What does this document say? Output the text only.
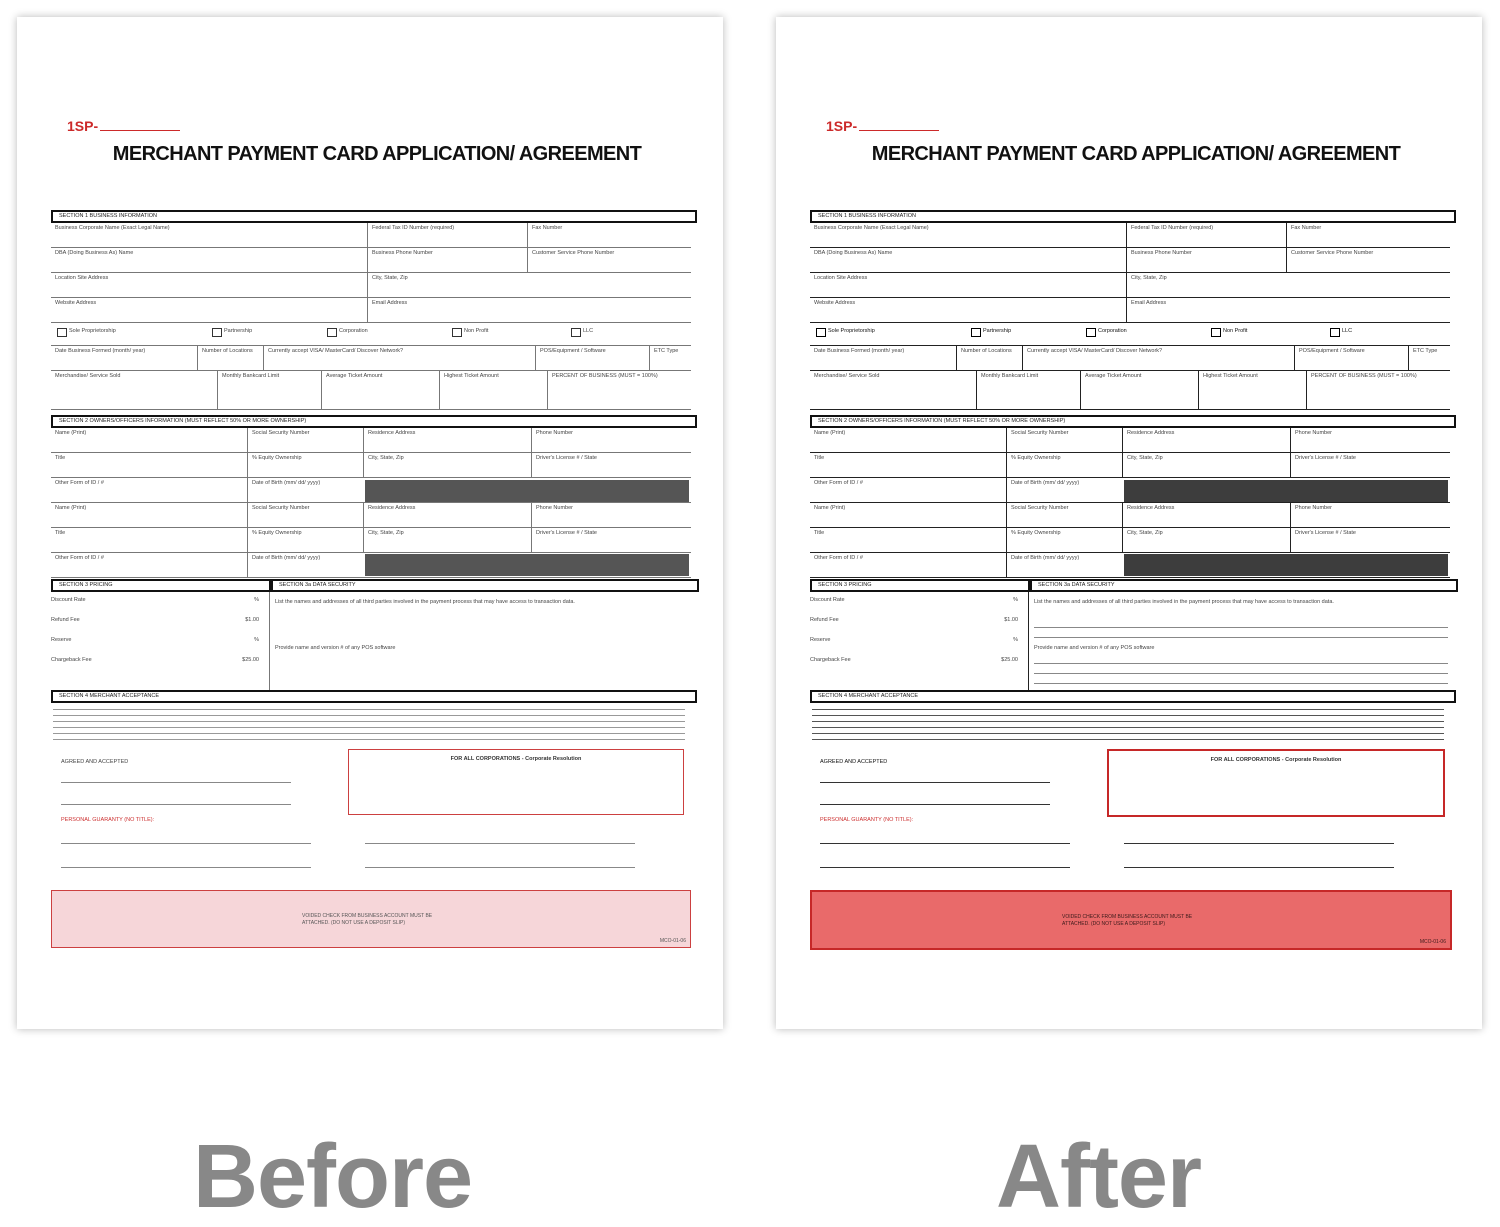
1SP-
MERCHANT PAYMENT CARD APPLICATION/ AGREEMENT
SECTION 1 BUSINESS INFORMATION
Business Corporate Name (Exact Legal Name)	Federal Tax ID Number (required)	Fax Number
DBA (Doing Business As) Name	Business Phone Number	Customer Service Phone Number
Location Site Address	City, State, Zip
Website Address	Email Address
Sole Proprietorship	Partnership	Corporation	Non Profit	LLC
Date Business Formed (month/ year)	Number of Locations	Currently accept VISA/ MasterCard/ Discover Network?	POS/Equipment / Software	ETC Type
Merchandise/ Service Sold	Monthly Bankcard Limit	Average Ticket Amount	Highest Ticket Amount	PERCENT OF BUSINESS (MUST = 100%)
SECTION 2 OWNERS/OFFICERS INFORMATION (MUST REFLECT 50% OR MORE OWNERSHIP)
Name (Print)	Social Security Number	Residence Address	Phone Number
Title	% Equity Ownership	City, State, Zip	Driver's License # / State
Other Form of ID / #	Date of Birth (mm/ dd/ yyyy)
Name (Print)	Social Security Number	Residence Address	Phone Number
Title	% Equity Ownership	City, State, Zip	Driver's License # / State
Other Form of ID / #	Date of Birth (mm/ dd/ yyyy)
SECTION 3 PRICING	SECTION 3a DATA SECURITY
Discount Rate	%
Refund Fee	$1.00
Reserve	%
Chargeback Fee	$25.00
List the names and addresses of all third parties involved in the payment process that may have access to transaction data.
Provide name and version # of any POS software
SECTION 4 MERCHANT ACCEPTANCE
AGREED AND ACCEPTED	FOR ALL CORPORATIONS - Corporate Resolution
PERSONAL GUARANTY (NO TITLE):
VOIDED CHECK FROM BUSINESS ACCOUNT MUST BE
ATTACHED. (DO NOT USE A DEPOSIT SLIP)
MCO-01-06
1SP-
MERCHANT PAYMENT CARD APPLICATION/ AGREEMENT
SECTION 1 BUSINESS INFORMATION
Business Corporate Name (Exact Legal Name)	Federal Tax ID Number (required)	Fax Number
DBA (Doing Business As) Name	Business Phone Number	Customer Service Phone Number
Location Site Address	City, State, Zip
Website Address	Email Address
Sole Proprietorship	Partnership	Corporation	Non Profit	LLC
Date Business Formed (month/ year)	Number of Locations	Currently accept VISA/ MasterCard/ Discover Network?	POS/Equipment / Software	ETC Type
Merchandise/ Service Sold	Monthly Bankcard Limit	Average Ticket Amount	Highest Ticket Amount	PERCENT OF BUSINESS (MUST = 100%)
SECTION 2 OWNERS/OFFICERS INFORMATION (MUST REFLECT 50% OR MORE OWNERSHIP)
Name (Print)	Social Security Number	Residence Address	Phone Number
Title	% Equity Ownership	City, State, Zip	Driver's License # / State
Other Form of ID / #	Date of Birth (mm/ dd/ yyyy)
Name (Print)	Social Security Number	Residence Address	Phone Number
Title	% Equity Ownership	City, State, Zip	Driver's License # / State
Other Form of ID / #	Date of Birth (mm/ dd/ yyyy)
SECTION 3 PRICING	SECTION 3a DATA SECURITY
Discount Rate	%
Refund Fee	$1.00
Reserve	%
Chargeback Fee	$25.00
List the names and addresses of all third parties involved in the payment process that may have access to transaction data.
Provide name and version # of any POS software
SECTION 4 MERCHANT ACCEPTANCE
AGREED AND ACCEPTED	FOR ALL CORPORATIONS - Corporate Resolution
PERSONAL GUARANTY (NO TITLE):
VOIDED CHECK FROM BUSINESS ACCOUNT MUST BE
ATTACHED. (DO NOT USE A DEPOSIT SLIP)
MCO-01-06
Before	After
